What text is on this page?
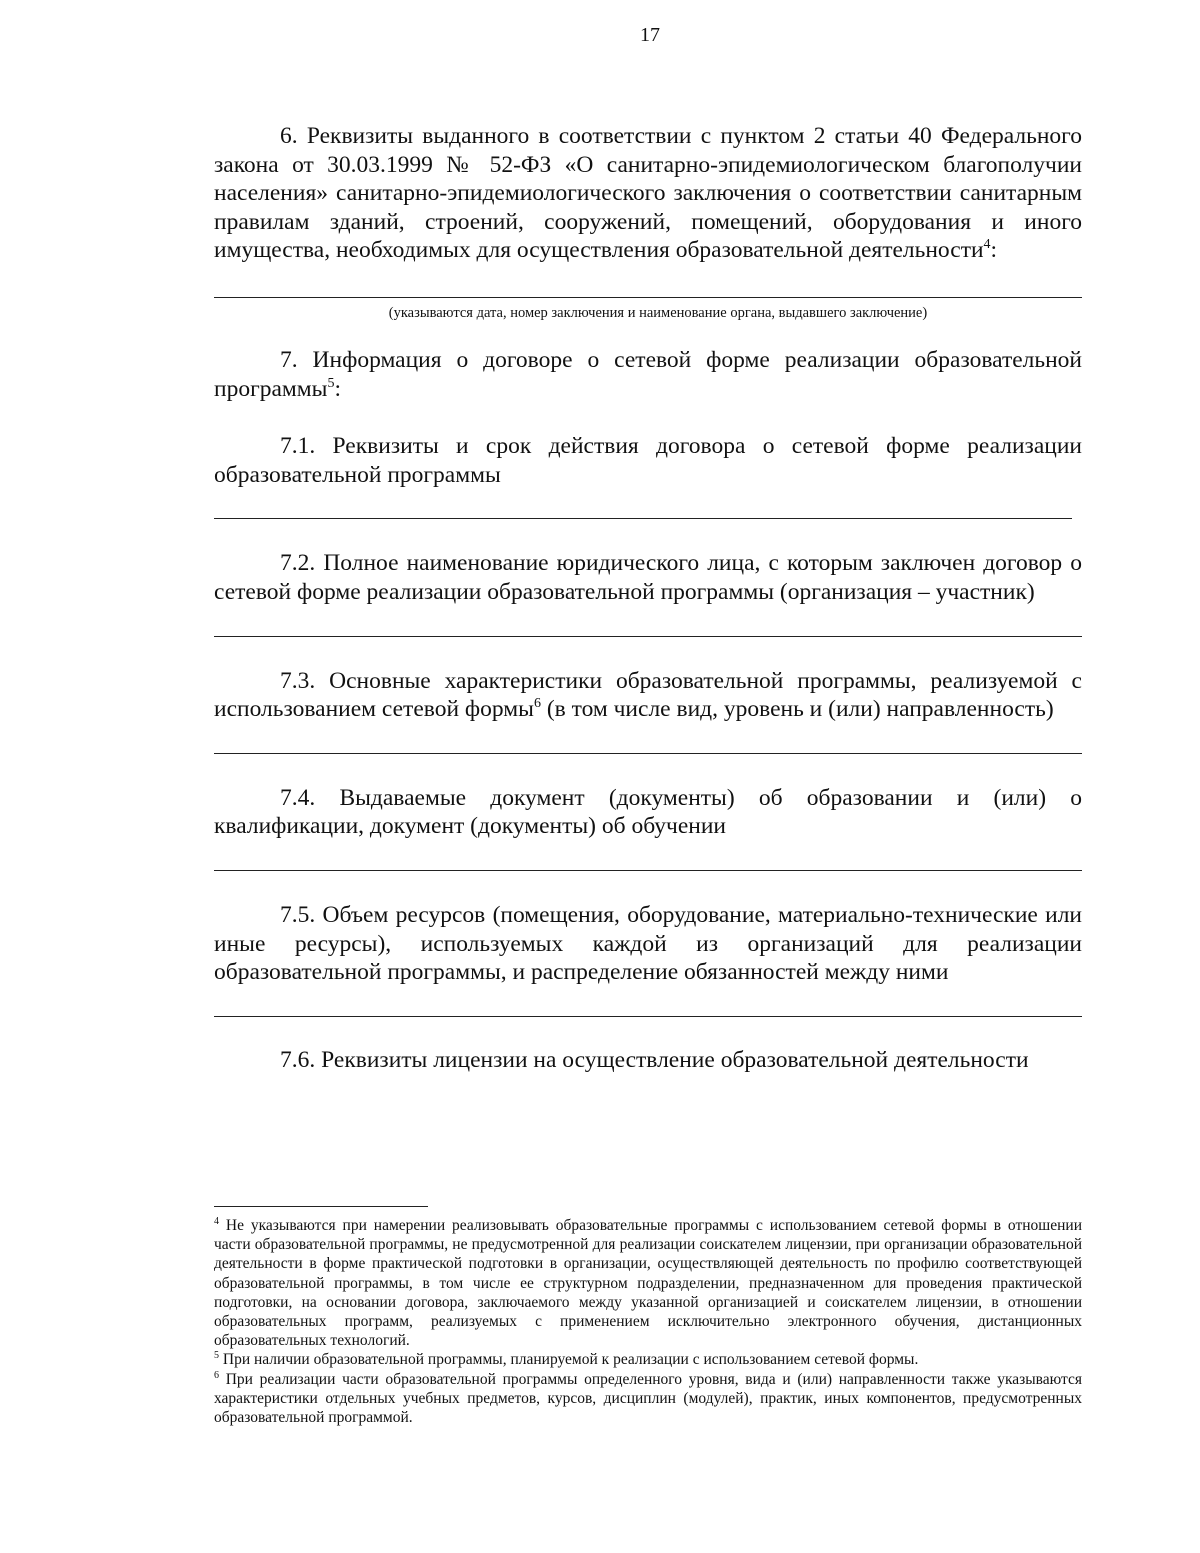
17

6. Реквизиты выданного в соответствии с пунктом 2 статьи 40 Федерального закона от 30.03.1999 № 52-ФЗ «О санитарно-эпидемиологическом благополучии населения» санитарно-эпидемиологического заключения о соответствии санитарным правилам зданий, строений, сооружений, помещений, оборудования и иного имущества, необходимых для осуществления образовательной деятельности$^4$:

(указываются дата, номер заключения и наименование органа, выдавшего заключение)

7. Информация о договоре о сетевой форме реализации образовательной программы$^5$:

7.1. Реквизиты и срок действия договора о сетевой форме реализации образовательной программы

7.2. Полное наименование юридического лица, с которым заключен договор о сетевой форме реализации образовательной программы (организация – участник)

7.3. Основные характеристики образовательной программы, реализуемой с использованием сетевой формы$^6$ (в том числе вид, уровень и (или) направленность)

7.4. Выдаваемые документ (документы) об образовании и (или) о квалификации, документ (документы) об обучении

7.5. Объем ресурсов (помещения, оборудование, материально-технические или иные ресурсы), используемых каждой из организаций для реализации образовательной программы, и распределение обязанностей между ними

7.6. Реквизиты лицензии на осуществление образовательной деятельности

$^4$ Не указываются при намерении реализовывать образовательные программы с использованием сетевой формы в отношении части образовательной программы, не предусмотренной для реализации соискателем лицензии, при организации образовательной деятельности в форме практической подготовки в организации, осуществляющей деятельность по профилю соответствующей образовательной программы, в том числе ее структурном подразделении, предназначенном для проведения практической подготовки, на основании договора, заключаемого между указанной организацией и соискателем лицензии, в отношении образовательных программ, реализуемых с применением исключительно электронного обучения, дистанционных образовательных технологий.

$^5$ При наличии образовательной программы, планируемой к реализации с использованием сетевой формы.

$^6$ При реализации части образовательной программы определенного уровня, вида и (или) направленности также указываются характеристики отдельных учебных предметов, курсов, дисциплин (модулей), практик, иных компонентов, предусмотренных образовательной программой.
